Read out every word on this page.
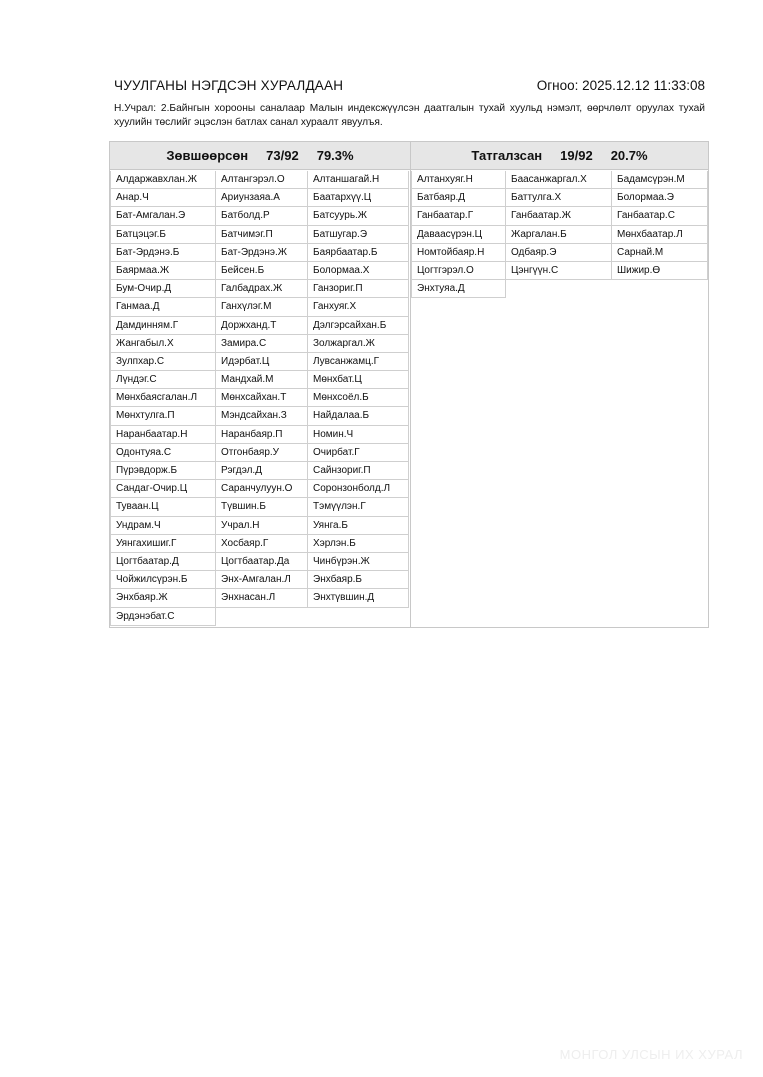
ЧУУЛГАНЫ НЭГДСЭН ХУРАЛДААН	Огноо: 2025.12.12 11:33:08
Н.Учрал: 2.Байнгын хорооны саналаар Малын индексжүүлсэн даатгалын тухай хуульд нэмэлт, өөрчлөлт оруулах тухай хуулийн төслийг эцэслэн батлах санал хураалт явуулъя.
Зөвшөөрсөн 73/92 79.3%
Алдаржавхлан.Ж	Алтангэрэл.О	Алтаншагай.Н
Анар.Ч	Ариунзаяа.А	Баатархүү.Ц
Бат-Амгалан.Э	Батболд.Р	Батсуурь.Ж
Батцэцэг.Б	Батчимэг.П	Батшугар.Э
Бат-Эрдэнэ.Б	Бат-Эрдэнэ.Ж	Баярбаатар.Б
Баярмаа.Ж	Бейсен.Б	Болормаа.Х
Бум-Очир.Д	Галбадрах.Ж	Ганзориг.П
Ганмаа.Д	Ганхүлэг.М	Ганхуяг.Х
Дамдинням.Г	Доржханд.Т	Дэлгэрсайхан.Б
Жангабыл.Х	Замира.С	Золжаргал.Ж
Зулпхар.С	Идэрбат.Ц	Лувсанжамц.Г
Лүндэг.С	Мандхай.М	Мөнхбат.Ц
Мөнхбаясгалан.Л	Мөнхсайхан.Т	Мөнхсоёл.Б
Мөнхтулга.П	Мэндсайхан.З	Найдалаа.Б
Наранбаатар.Н	Наранбаяр.П	Номин.Ч
Одонтуяа.С	Отгонбаяр.У	Очирбат.Г
Пүрэвдорж.Б	Рэгдэл.Д	Сайнзориг.П
Сандаг-Очир.Ц	Саранчулуун.О	Соронзонболд.Л
Туваан.Ц	Түвшин.Б	Тэмүүлэн.Г
Ундрам.Ч	Учрал.Н	Уянга.Б
Уянгахишиг.Г	Хосбаяр.Г	Хэрлэн.Б
Цогтбаатар.Д	Цогтбаатар.Да	Чинбүрэн.Ж
Чойжилсүрэн.Б	Энх-Амгалан.Л	Энхбаяр.Б
Энхбаяр.Ж	Энхнасан.Л	Энхтүвшин.Д
Эрдэнэбат.С
Татгалзсан 19/92 20.7%
Алтанхуяг.Н	Баасанжаргал.Х	Бадамсүрэн.М
Батбаяр.Д	Баттулга.Х	Болормаа.Э
Ганбаатар.Г	Ганбаатар.Ж	Ганбаатар.С
Даваасүрэн.Ц	Жаргалан.Б	Мөнхбаатар.Л
Номтойбаяр.Н	Одбаяр.Э	Сарнай.М
Цогтгэрэл.О	Цэнгүүн.С	Шижир.Ө
Энхтуяа.Д
МОНГОЛ УЛСЫН ИХ ХУРАЛ
